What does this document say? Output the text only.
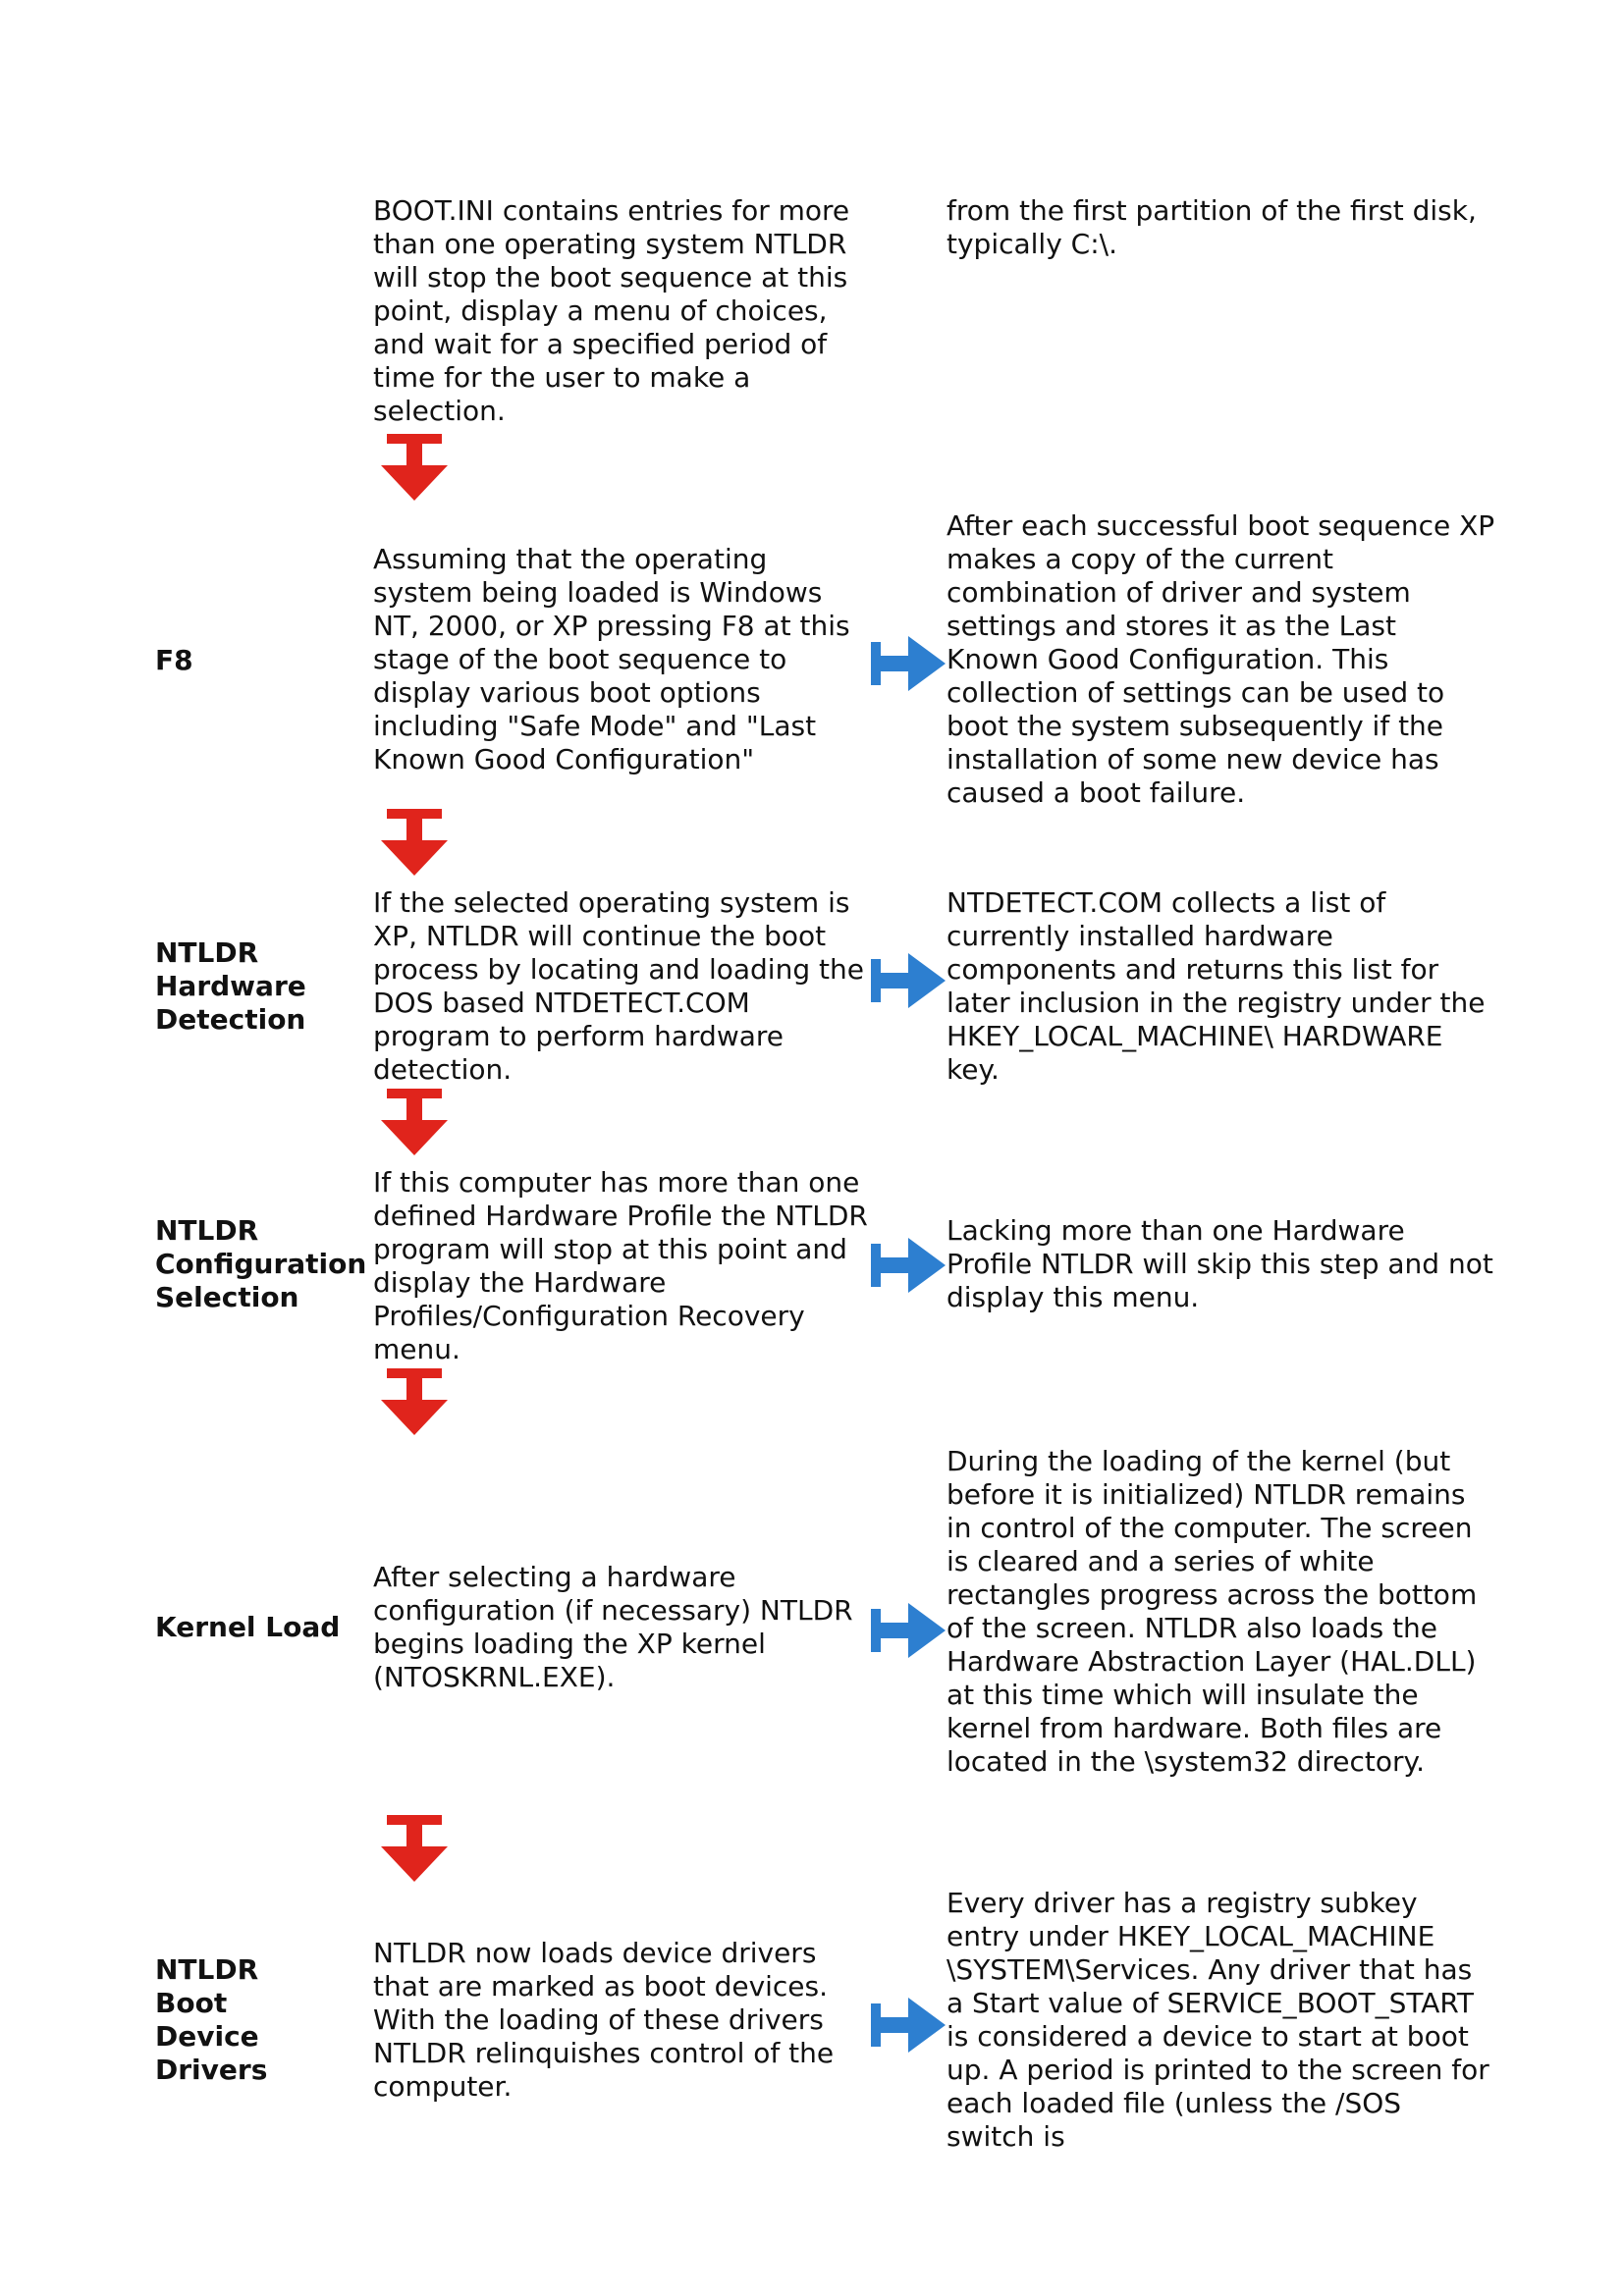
BOOT.INI contains entries for more than one operating system NTLDR will stop the boot sequence at this point, display a menu of choices, and wait for a specified period of time for the user to make a selection.
from the first partition of the first disk, typically C:\.
F8
Assuming that the operating system being loaded is Windows NT, 2000, or XP pressing F8 at this stage of the boot sequence to display various boot options including "Safe Mode" and "Last Known Good Configuration"
After each successful boot sequence XP makes a copy of the current combination of driver and system settings and stores it as the Last Known Good Configuration. This collection of settings can be used to boot the system subsequently if the installation of some new device has caused a boot failure.
NTLDR
Hardware
Detection
If the selected operating system is XP, NTLDR will continue the boot process by locating and loading the DOS based NTDETECT.COM program to perform hardware detection.
NTDETECT.COM collects a list of currently installed hardware components and returns this list for later inclusion in the registry under the HKEY_LOCAL_MACHINE\ HARDWARE key.
NTLDR
Configuration
Selection
If this computer has more than one defined Hardware Profile the NTLDR program will stop at this point and display the Hardware Profiles/Configuration Recovery menu.
Lacking more than one Hardware Profile NTLDR will skip this step and not display this menu.
Kernel Load
After selecting a hardware configuration (if necessary) NTLDR begins loading the XP kernel (NTOSKRNL.EXE).
During the loading of the kernel (but before it is initialized) NTLDR remains in control of the computer. The screen is cleared and a series of white rectangles progress across the bottom of the screen. NTLDR also loads the Hardware Abstraction Layer (HAL.DLL) at this time which will insulate the kernel from hardware. Both files are located in the \system32 directory.
NTLDR
Boot
Device
Drivers
NTLDR now loads device drivers that are marked as boot devices. With the loading of these drivers NTLDR relinquishes control of the computer.
Every driver has a registry subkey entry under HKEY_LOCAL_MACHINE \SYSTEM\Services. Any driver that has a Start value of SERVICE_BOOT_START is considered a device to start at boot up. A period is printed to the screen for each loaded file (unless the /SOS switch is
